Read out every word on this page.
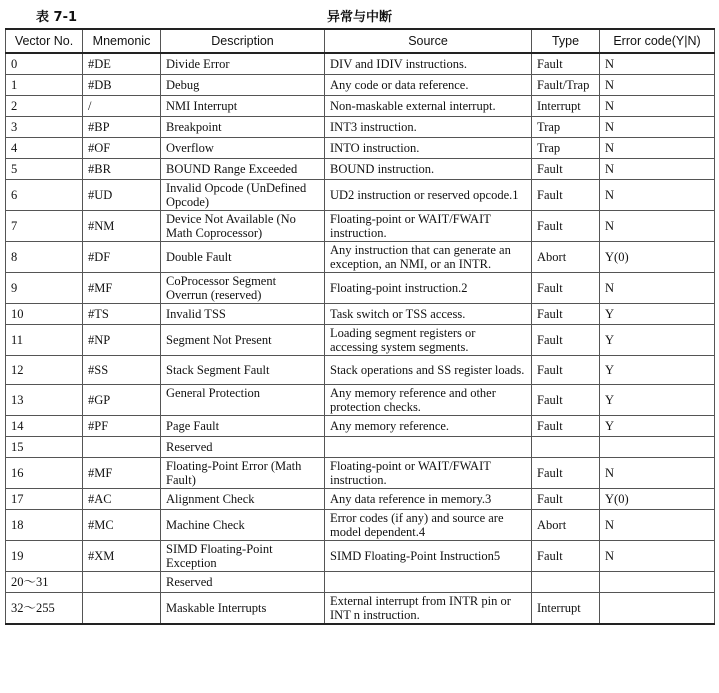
表 7-1	异常与中断
Vector No.	Mnemonic	Description	Source	Type	Error code(Y|N)
0	#DE	Divide Error	DIV and IDIV instructions.	Fault	N
1	#DB	Debug	Any code or data reference.	Fault/Trap	N
2	/	NMI Interrupt	Non-maskable external interrupt.	Interrupt	N
3	#BP	Breakpoint	INT3 instruction.	Trap	N
4	#OF	Overflow	INTO instruction.	Trap	N
5	#BR	BOUND Range Exceeded	BOUND instruction.	Fault	N
6	#UD	Invalid Opcode (UnDefined Opcode)	UD2 instruction or reserved opcode.1	Fault	N
7	#NM	Device Not Available (No Math Coprocessor)	Floating-point or WAIT/FWAIT instruction.	Fault	N
8	#DF	Double Fault	Any instruction that can generate an exception, an NMI, or an INTR.	Abort	Y(0)
9	#MF	CoProcessor Segment Overrun (reserved)	Floating-point instruction.2	Fault	N
10	#TS	Invalid TSS	Task switch or TSS access.	Fault	Y
11	#NP	Segment Not Present	Loading segment registers or accessing system segments.	Fault	Y
12	#SS	Stack Segment Fault	Stack operations and SS register loads.	Fault	Y
13	#GP	General Protection	Any memory reference and other protection checks.	Fault	Y
14	#PF	Page Fault	Any memory reference.	Fault	Y
15		Reserved			
16	#MF	Floating-Point Error (Math Fault)	Floating-point or WAIT/FWAIT instruction.	Fault	N
17	#AC	Alignment Check	Any data reference in memory.3	Fault	Y(0)
18	#MC	Machine Check	Error codes (if any) and source are model dependent.4	Abort	N
19	#XM	SIMD Floating-Point Exception	SIMD Floating-Point Instruction5	Fault	N
20～31		Reserved			
32～255		Maskable Interrupts	External interrupt from INTR pin or INT n instruction.	Interrupt	
